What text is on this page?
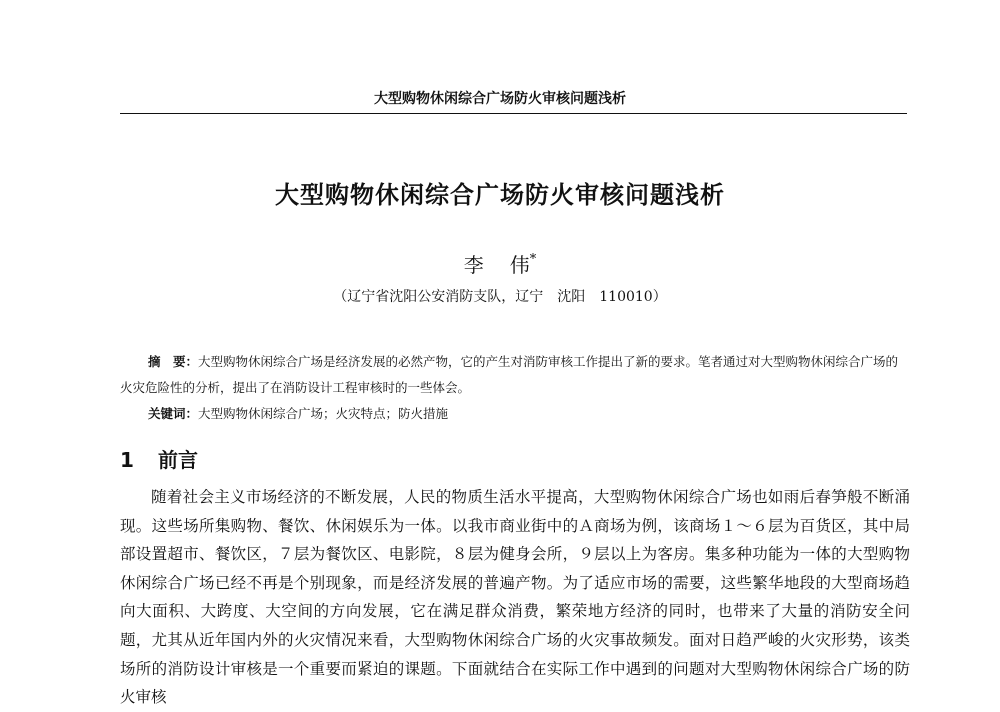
大型购物休闲综合广场防火审核问题浅析
大型购物休闲综合广场防火审核问题浅析
李 伟*
（辽宁省沈阳公安消防支队，辽宁　沈阳　110010）

摘　要：大型购物休闲综合广场是经济发展的必然产物，它的产生对消防审核工作提出了新的要求。笔者通过对大型购物休闲综合广场的火灾危险性的分析，提出了在消防设计工程审核时的一些体会。

关键词：大型购物休闲综合广场；火灾特点；防火措施
1 前言

随着社会主义市场经济的不断发展，人民的物质生活水平提高，大型购物休闲综合广场也如雨后春笋般不断涌现。这些场所集购物、餐饮、休闲娱乐为一体。以我市商业街中的Ａ商场为例，该商场１～６层为百货区，其中局部设置超市、餐饮区，７层为餐饮区、电影院，８层为健身会所，９层以上为客房。集多种功能为一体的大型购物休闲综合广场已经不再是个别现象，而是经济发展的普遍产物。为了适应市场的需要，这些繁华地段的大型商场趋向大面积、大跨度、大空间的方向发展，它在满足群众消费，繁荣地方经济的同时，也带来了大量的消防安全问题，尤其从近年国内外的火灾情况来看，大型购物休闲综合广场的火灾事故频发。面对日趋严峻的火灾形势，该类场所的消防设计审核是一个重要而紧迫的课题。下面就结合在实际工作中遇到的问题对大型购物休闲综合广场的防火审核
